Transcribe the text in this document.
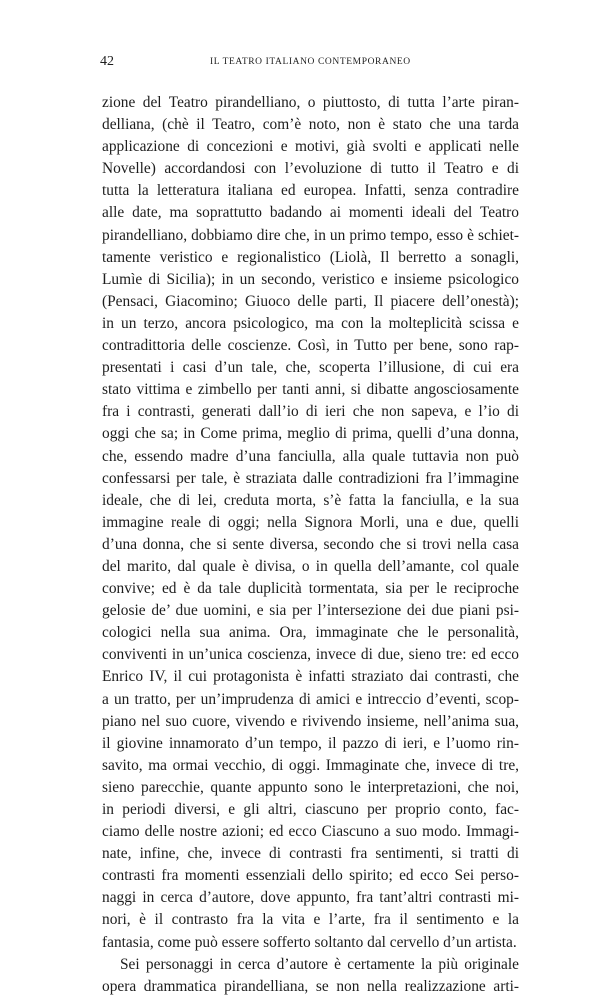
42	IL TEATRO ITALIANO CONTEMPORANEO
zione del Teatro pirandelliano, o piuttosto, di tutta l’arte piran-
delliana, (chè il Teatro, com’è noto, non è stato che una tarda
applicazione di concezioni e motivi, già svolti e applicati nelle
Novelle) accordandosi con l’evoluzione di tutto il Teatro e di
tutta la letteratura italiana ed europea. Infatti, senza contradire
alle date, ma soprattutto badando ai momenti ideali del Teatro
pirandelliano, dobbiamo dire che, in un primo tempo, esso è schiet-
tamente veristico e regionalistico (Liolà, Il berretto a sonagli,
Lumìe di Sicilia); in un secondo, veristico e insieme psicologico
(Pensaci, Giacomino; Giuoco delle parti, Il piacere dell’onestà);
in un terzo, ancora psicologico, ma con la molteplicità scissa e
contradittoria delle coscienze. Così, in Tutto per bene, sono rap-
presentati i casi d’un tale, che, scoperta l’illusione, di cui era
stato vittima e zimbello per tanti anni, si dibatte angosciosamente
fra i contrasti, generati dall’io di ieri che non sapeva, e l’io di
oggi che sa; in Come prima, meglio di prima, quelli d’una donna,
che, essendo madre d’una fanciulla, alla quale tuttavia non può
confessarsi per tale, è straziata dalle contradizioni fra l’immagine
ideale, che di lei, creduta morta, s’è fatta la fanciulla, e la sua
immagine reale di oggi; nella Signora Morli, una e due, quelli
d’una donna, che si sente diversa, secondo che si trovi nella casa
del marito, dal quale è divisa, o in quella dell’amante, col quale
convive; ed è da tale duplicità tormentata, sia per le reciproche
gelosie de’ due uomini, e sia per l’intersezione dei due piani psi-
cologici nella sua anima. Ora, immaginate che le personalità,
conviventi in un’unica coscienza, invece di due, sieno tre: ed ecco
Enrico IV, il cui protagonista è infatti straziato dai contrasti, che
a un tratto, per un’imprudenza di amici e intreccio d’eventi, scop-
piano nel suo cuore, vivendo e rivivendo insieme, nell’anima sua,
il giovine innamorato d’un tempo, il pazzo di ieri, e l’uomo rin-
savito, ma ormai vecchio, di oggi. Immaginate che, invece di tre,
sieno parecchie, quante appunto sono le interpretazioni, che noi,
in periodi diversi, e gli altri, ciascuno per proprio conto, fac-
ciamo delle nostre azioni; ed ecco Ciascuno a suo modo. Immagi-
nate, infine, che, invece di contrasti fra sentimenti, si tratti di
contrasti fra momenti essenziali dello spirito; ed ecco Sei perso-
naggi in cerca d’autore, dove appunto, fra tant’altri contrasti mi-
nori, è il contrasto fra la vita e l’arte, fra il sentimento e la
fantasia, come può essere sofferto soltanto dal cervello d’un artista.
Sei personaggi in cerca d’autore è certamente la più originale
opera drammatica pirandelliana, se non nella realizzazione arti-
